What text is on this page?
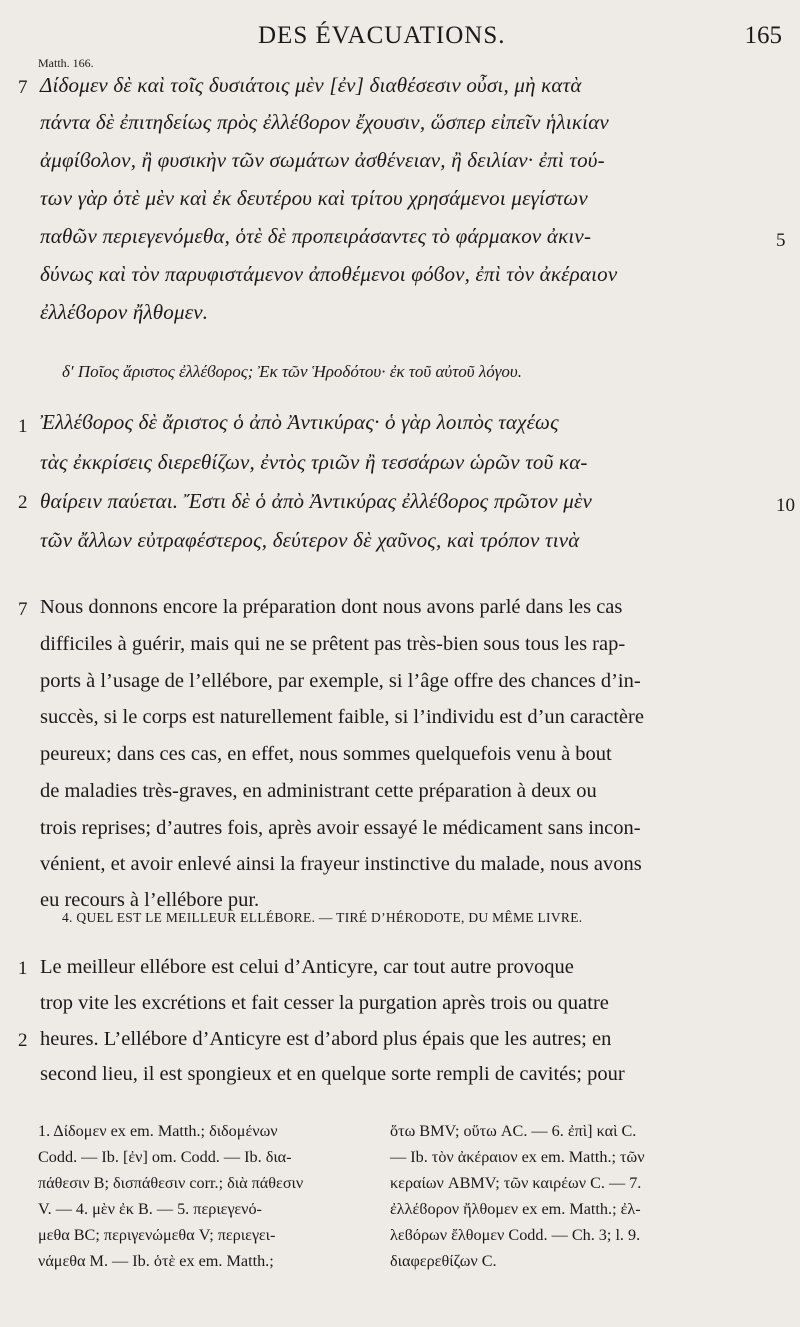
DES ÉVACUATIONS.	165
Matth. 166.
7 Δίδομεν δὲ καὶ τοῖς δυσιάτοις μὲν [ἐν] διαθέσεσιν οὖσι, μὴ κατὰ
πάντα δὲ ἐπιτηδείως πρὸς ἐλλέϐορον ἔχουσιν, ὥσπερ εἰπεῖν ἡλικίαν
ἀμφίϐολον, ἢ φυσικὴν τῶν σωμάτων ἀσθένειαν, ἢ δειλίαν· ἐπὶ τού-
των γὰρ ὁτὲ μὲν καὶ ἐκ δευτέρου καὶ τρίτου χρησάμενοι μεγίστων
παθῶν περιεγενόμεθα, ὁτὲ δὲ προπειράσαντες τὸ φάρμακον ἀκιν-	5
δύνως καὶ τὸν παρυφιστάμενον ἀποθέμενοι φόϐον, ἐπὶ τὸν ἀκέραιον
ἐλλέϐορον ἤλθομεν.
δ′ Ποῖος ἄριστος ἐλλέϐορος; Ἐκ τῶν Ἡροδότου· ἐκ τοῦ αὐτοῦ λόγου.
1 Ἐλλέϐορος δὲ ἄριστος ὁ ἀπὸ Ἀντικύρας· ὁ γὰρ λοιπὸς ταχέως
τὰς ἐκκρίσεις διερεθίζων, ἐντὸς τριῶν ἢ τεσσάρων ὡρῶν τοῦ κα-
2 θαίρειν παύεται. Ἔστι δὲ ὁ ἀπὸ Ἀντικύρας ἐλλέϐορος πρῶτον μὲν	10
τῶν ἄλλων εὐτραφέστερος, δεύτερον δὲ χαῦνος, καὶ τρόπον τινὰ
7 Nous donnons encore la préparation dont nous avons parlé dans les cas
difficiles à guérir, mais qui ne se prêtent pas très-bien sous tous les rap-
ports à l’usage de l’ellébore, par exemple, si l’âge offre des chances d’in-
succès, si le corps est naturellement faible, si l’individu est d’un caractère
peureux; dans ces cas, en effet, nous sommes quelquefois venu à bout
de maladies très-graves, en administrant cette préparation à deux ou
trois reprises; d’autres fois, après avoir essayé le médicament sans incon-
vénient, et avoir enlevé ainsi la frayeur instinctive du malade, nous avons
eu recours à l’ellébore pur.
4. QUEL EST LE MEILLEUR ELLÉBORE. — TIRÉ D’HÉRODOTE, DU MÊME LIVRE.
1 Le meilleur ellébore est celui d’Anticyre, car tout autre provoque
trop vite les excrétions et fait cesser la purgation après trois ou quatre
2 heures. L’ellébore d’Anticyre est d’abord plus épais que les autres; en
second lieu, il est spongieux et en quelque sorte rempli de cavités; pour
1. Δίδομεν ex em. Matth.; διδομένων
Codd. — Ib. [ἐν] om. Codd. — Ib. δια-
πάθεσιν B; δισπάθεσιν corr.; διὰ πάθεσιν
V. — 4. μὲν ἐκ B. — 5. περιεγενό-
μεθα BC; περιγενώμεθα V; περιεγει-
νάμεθα M. — Ib. ὁτὲ ex em. Matth.;
ὅτω BMV; οὕτω AC. — 6. ἐπὶ] καὶ C.
— Ib. τὸν ἀκέραιον ex em. Matth.; τῶν
κεραίων ABMV; τῶν καιρέων C. — 7.
ἐλλέϐορον ἤλθομεν ex em. Matth.; ἐλ-
λεϐόρων ἔλθομεν Codd. — Ch. 3; l. 9.
διαφερεθίζων C.
